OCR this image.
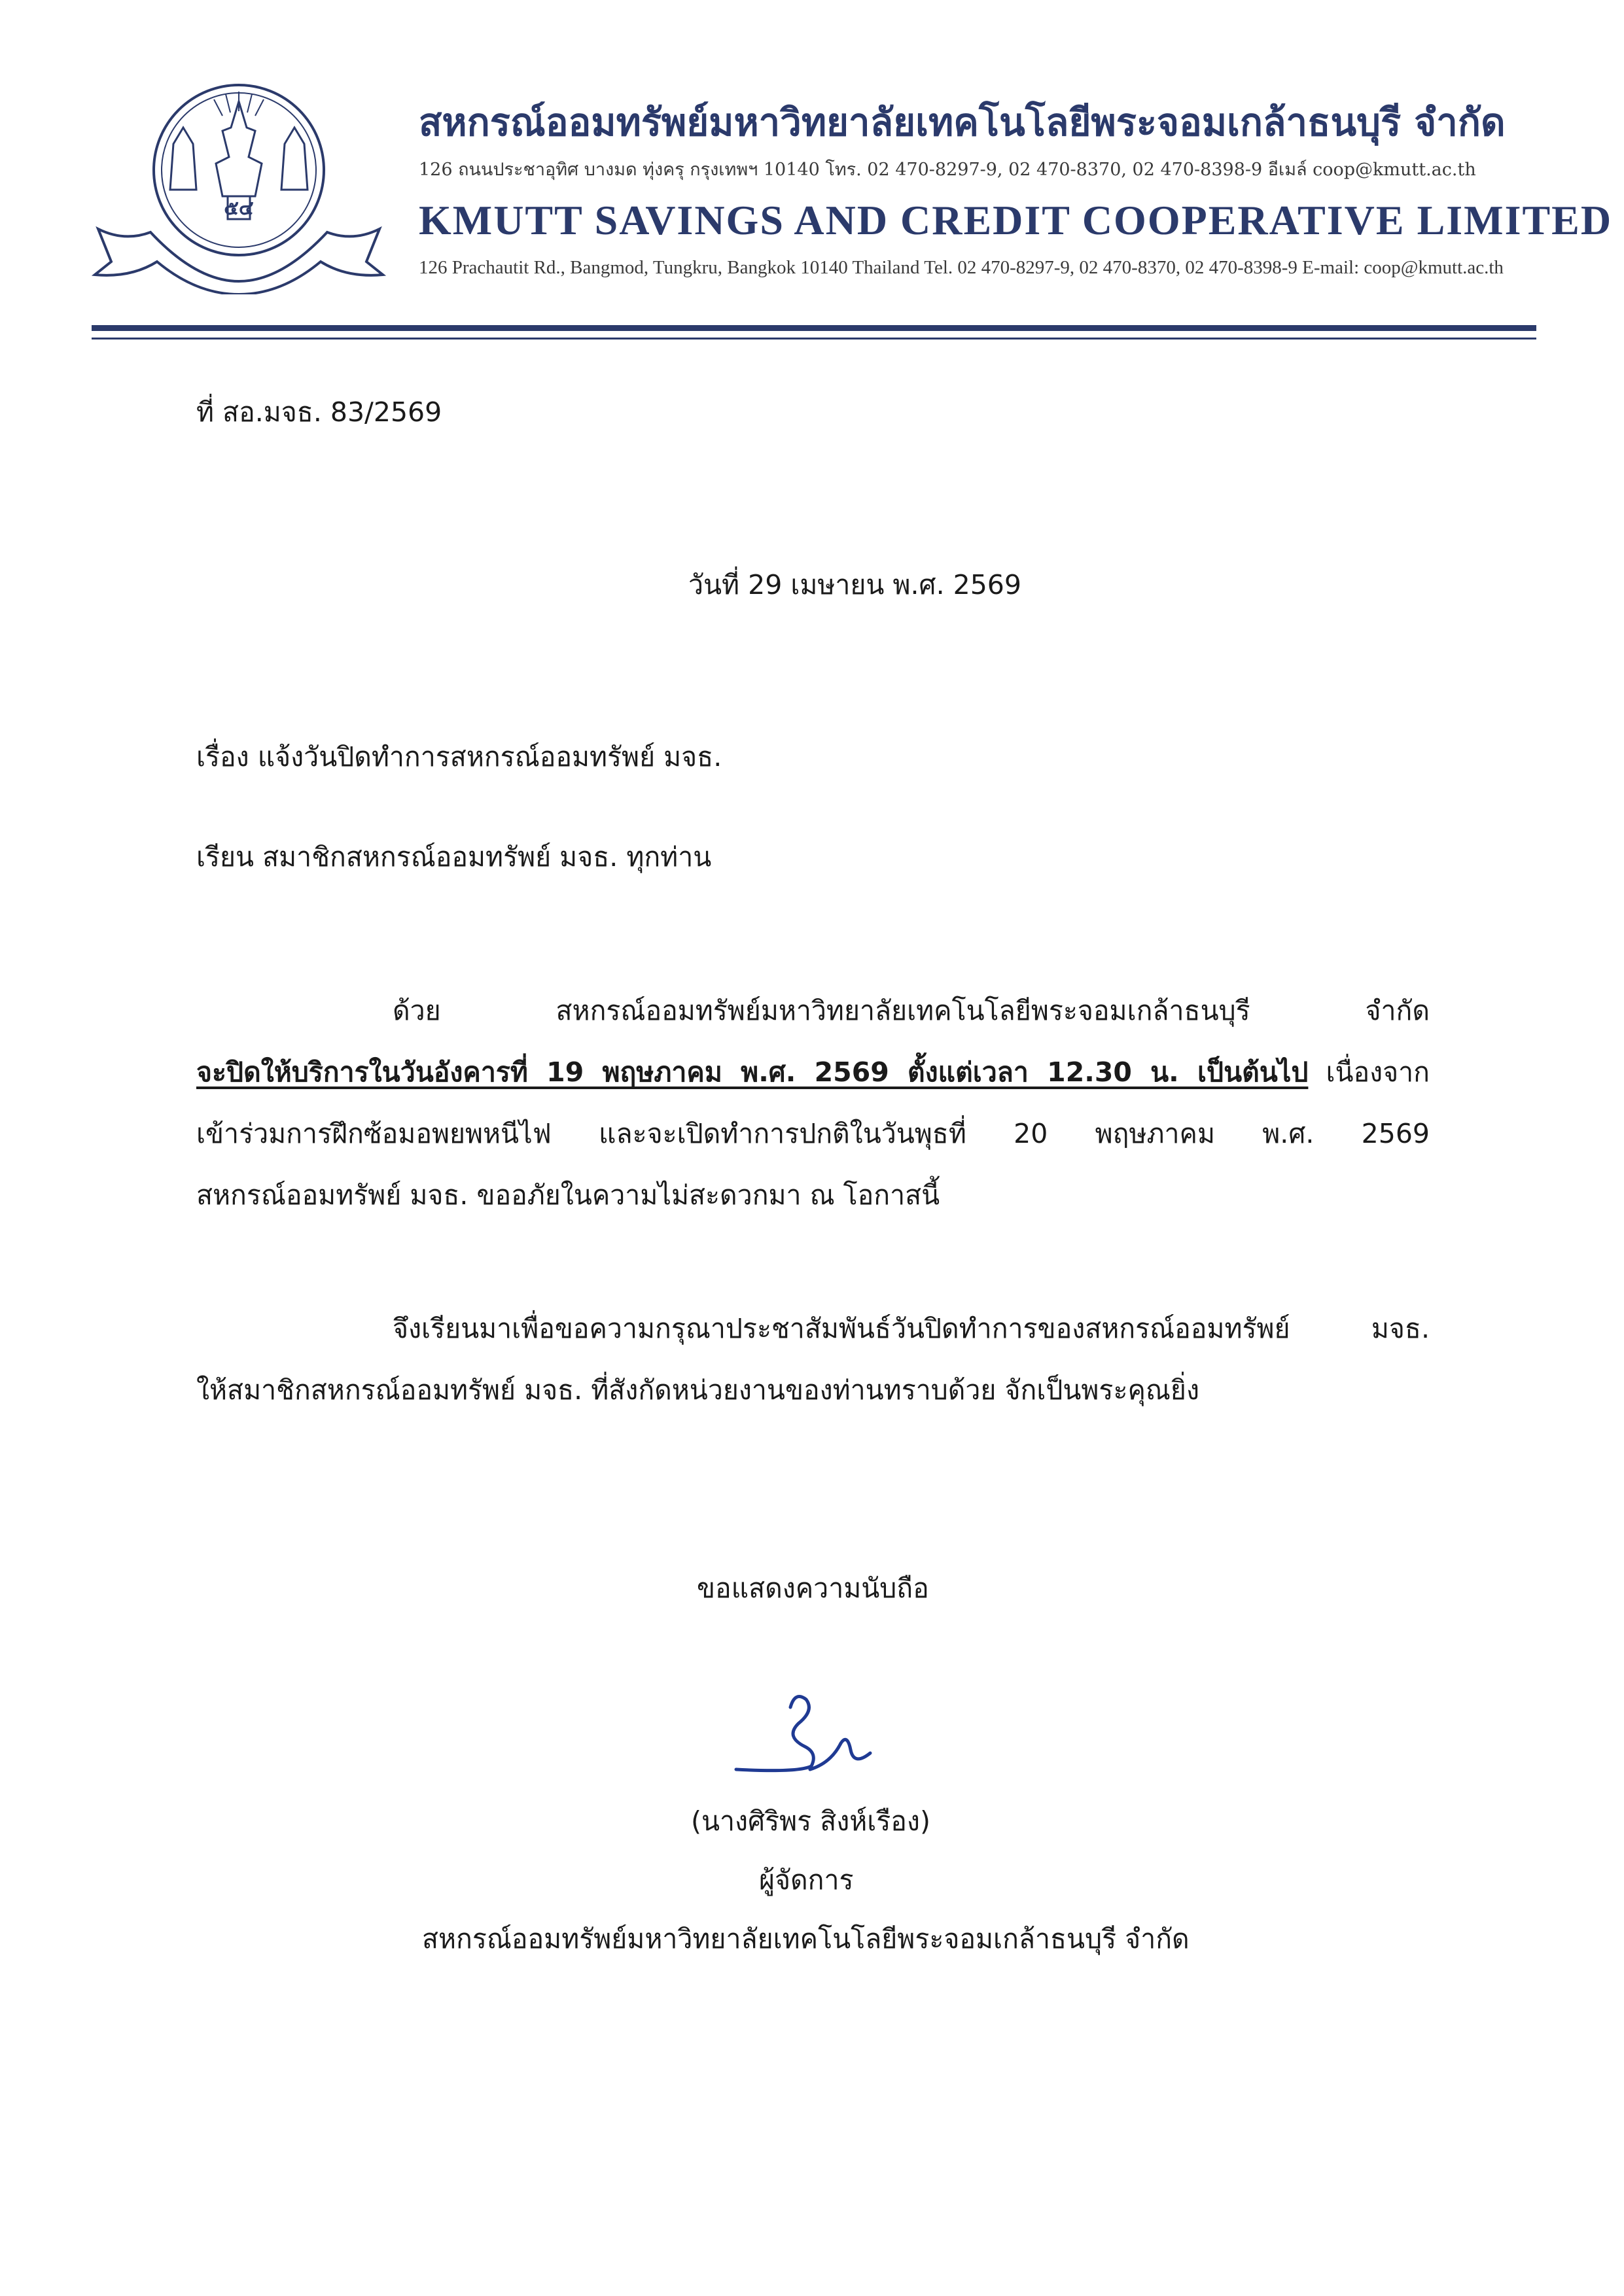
๕๔
สหกรณ์ออมทรัพย์มหาวิทยาลัยเทคโนโลยีพระจอมเกล้าธนบุรี จำกัด
126 ถนนประชาอุทิศ บางมด ทุ่งครุ กรุงเทพฯ 10140 โทร. 02 470-8297-9, 02 470-8370, 02 470-8398-9 อีเมล์ coop@kmutt.ac.th
KMUTT SAVINGS AND CREDIT COOPERATIVE LIMITED
126 Prachautit Rd., Bangmod, Tungkru, Bangkok 10140 Thailand Tel. 02 470-8297-9, 02 470-8370, 02 470-8398-9 E-mail: coop@kmutt.ac.th
ที่ สอ.มจธ. 83/2569
วันที่ 29 เมษายน พ.ศ. 2569
เรื่อง แจ้งวันปิดทำการสหกรณ์ออมทรัพย์ มจธ.
เรียน สมาชิกสหกรณ์ออมทรัพย์ มจธ. ทุกท่าน
ด้วย สหกรณ์ออมทรัพย์มหาวิทยาลัยเทคโนโลยีพระจอมเกล้าธนบุรี จำกัด
จะปิดให้บริการในวันอังคารที่ 19 พฤษภาคม พ.ศ. 2569 ตั้งแต่เวลา 12.30 น. เป็นต้นไป เนื่องจาก
เข้าร่วมการฝึกซ้อมอพยพหนีไฟ และจะเปิดทำการปกติในวันพุธที่ 20 พฤษภาคม พ.ศ. 2569
สหกรณ์ออมทรัพย์ มจธ. ขออภัยในความไม่สะดวกมา ณ โอกาสนี้
จึงเรียนมาเพื่อขอความกรุณาประชาสัมพันธ์วันปิดทำการของสหกรณ์ออมทรัพย์ มจธ.
ให้สมาชิกสหกรณ์ออมทรัพย์ มจธ. ที่สังกัดหน่วยงานของท่านทราบด้วย จักเป็นพระคุณยิ่ง
ขอแสดงความนับถือ
(นางศิริพร สิงห์เรือง)
ผู้จัดการ
สหกรณ์ออมทรัพย์มหาวิทยาลัยเทคโนโลยีพระจอมเกล้าธนบุรี จำกัด
